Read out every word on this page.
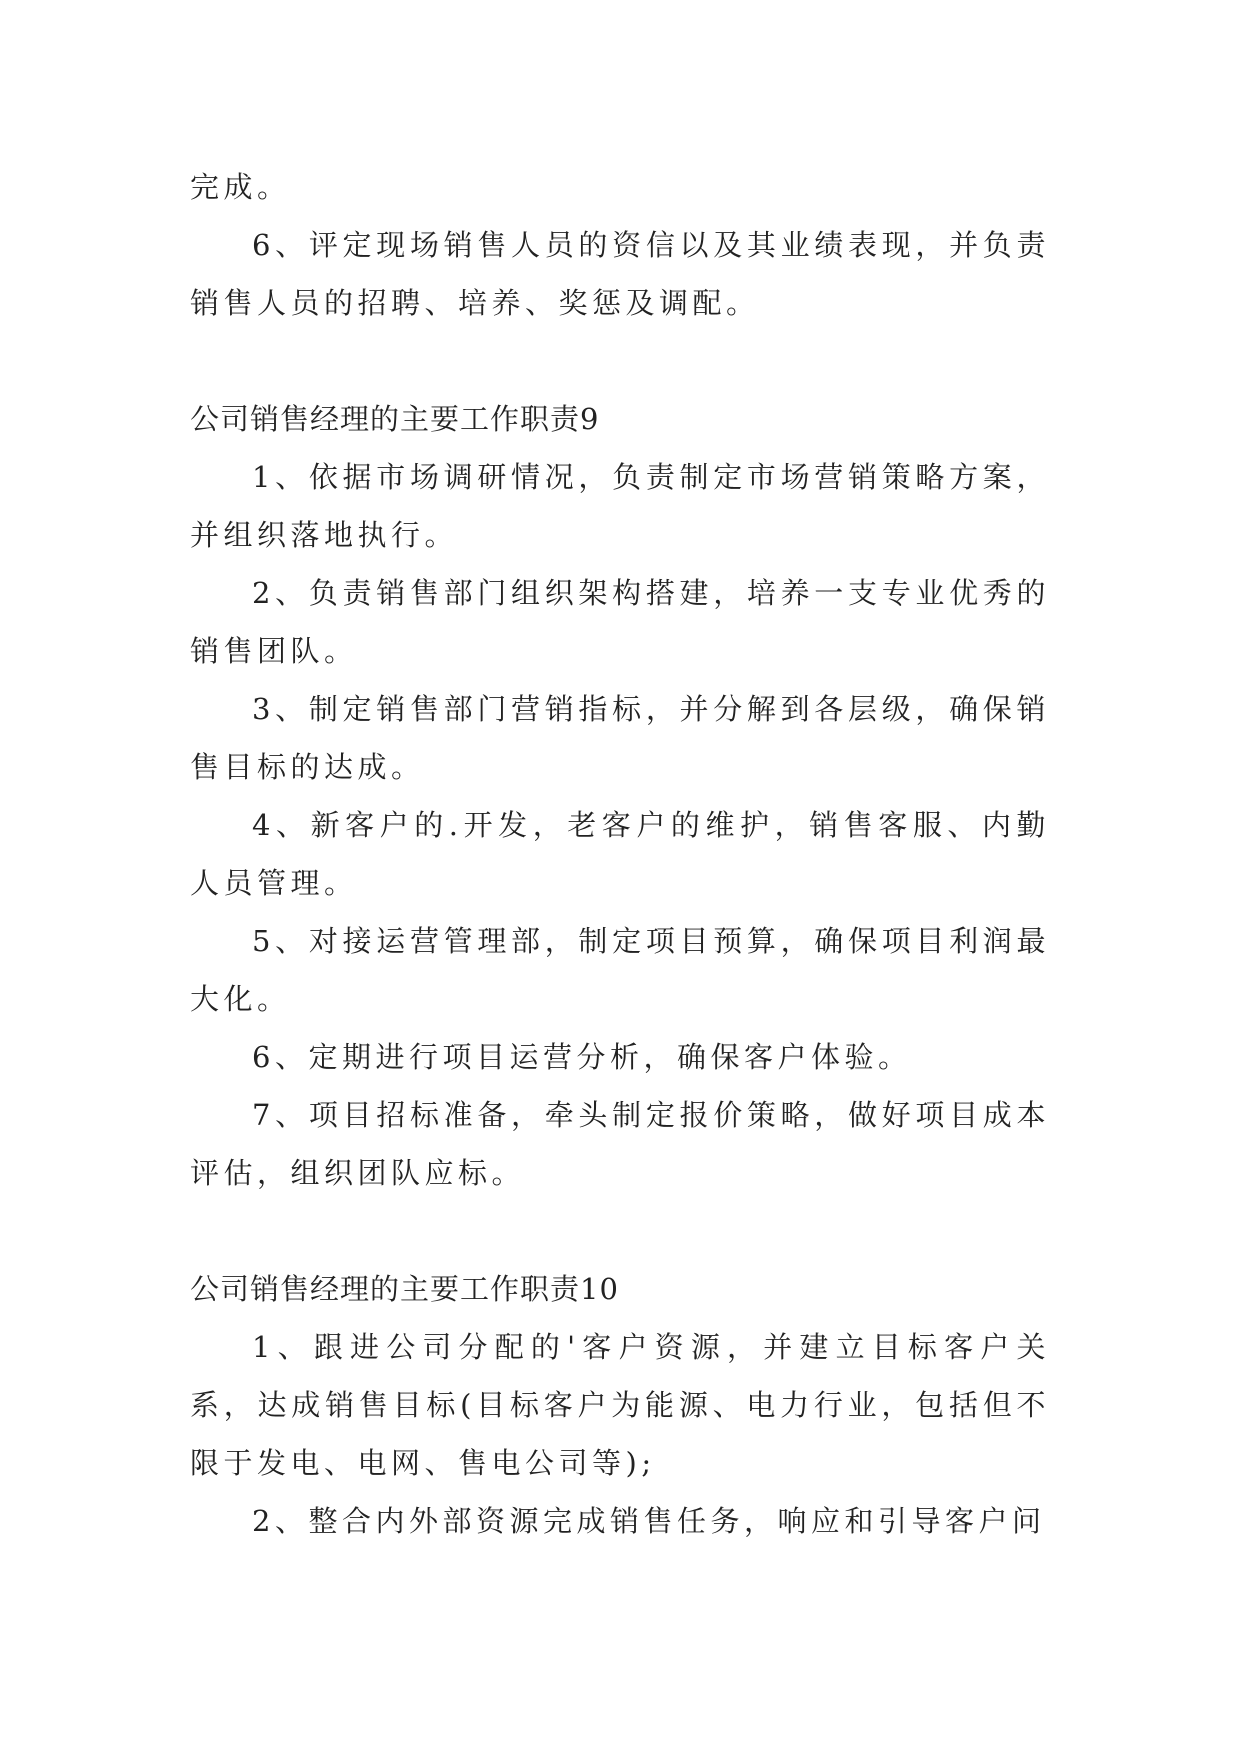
完成。

6、评定现场销售人员的资信以及其业绩表现，并负责销售人员的招聘、培养、奖惩及调配。

公司销售经理的主要工作职责9

1、依据市场调研情况，负责制定市场营销策略方案，并组织落地执行。

2、负责销售部门组织架构搭建，培养一支专业优秀的销售团队。

3、制定销售部门营销指标，并分解到各层级，确保销售目标的达成。

4、新客户的.开发，老客户的维护，销售客服、内勤人员管理。

5、对接运营管理部，制定项目预算，确保项目利润最大化。

6、定期进行项目运营分析，确保客户体验。

7、项目招标准备，牵头制定报价策略，做好项目成本评估，组织团队应标。

公司销售经理的主要工作职责10

1、跟进公司分配的'客户资源，并建立目标客户关系，达成销售目标(目标客户为能源、电力行业，包括但不限于发电、电网、售电公司等);

2、整合内外部资源完成销售任务，响应和引导客户问
